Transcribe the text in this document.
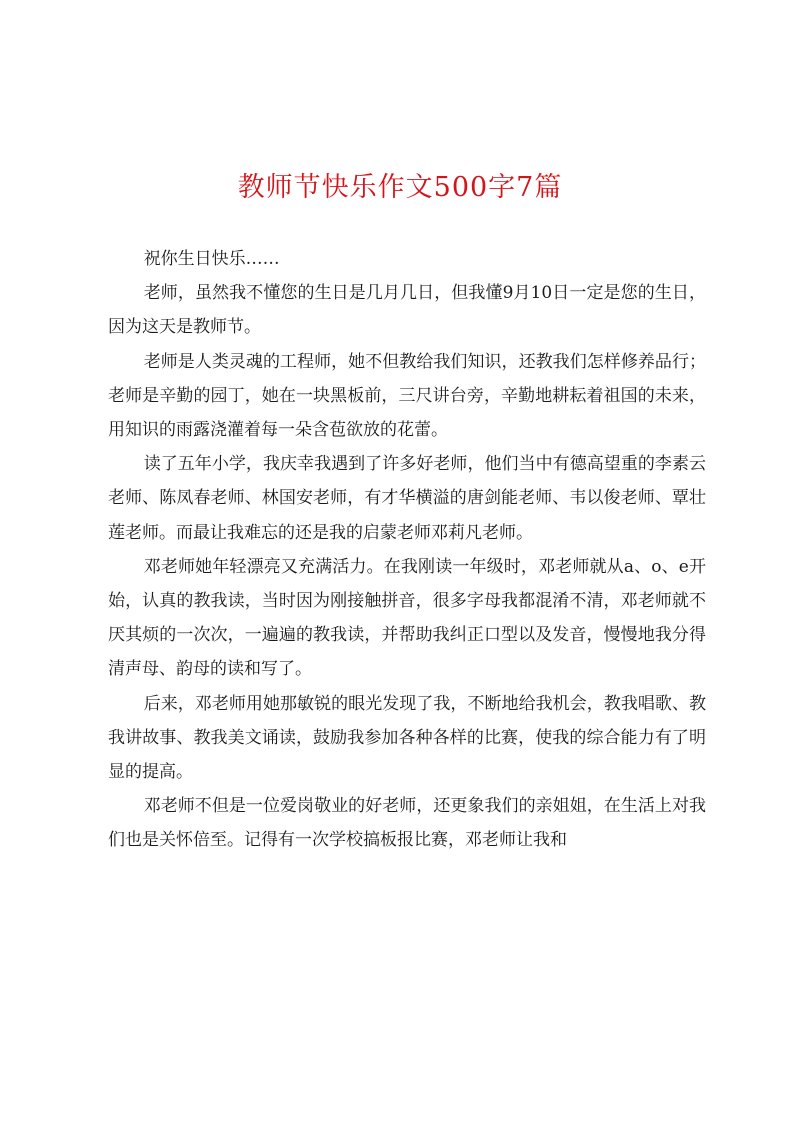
教师节快乐作文500字7篇

祝你生日快乐……

老师，虽然我不懂您的生日是几月几日，但我懂9月10日一定是您的生日，因为这天是教师节。

老师是人类灵魂的工程师，她不但教给我们知识，还教我们怎样修养品行；老师是辛勤的园丁，她在一块黑板前，三尺讲台旁，辛勤地耕耘着祖国的未来，用知识的雨露浇灌着每一朵含苞欲放的花蕾。

读了五年小学，我庆幸我遇到了许多好老师，他们当中有德高望重的李素云老师、陈凤春老师、林国安老师，有才华横溢的唐剑能老师、韦以俊老师、覃壮莲老师。而最让我难忘的还是我的启蒙老师邓莉凡老师。

邓老师她年轻漂亮又充满活力。在我刚读一年级时，邓老师就从a、o、e开始，认真的教我读，当时因为刚接触拼音，很多字母我都混淆不清，邓老师就不厌其烦的一次次，一遍遍的教我读，并帮助我纠正口型以及发音，慢慢地我分得清声母、韵母的读和写了。

后来，邓老师用她那敏锐的眼光发现了我，不断地给我机会，教我唱歌、教我讲故事、教我美文诵读，鼓励我参加各种各样的比赛，使我的综合能力有了明显的提高。

邓老师不但是一位爱岗敬业的好老师，还更象我们的亲姐姐，在生活上对我们也是关怀倍至。记得有一次学校搞板报比赛，邓老师让我和
